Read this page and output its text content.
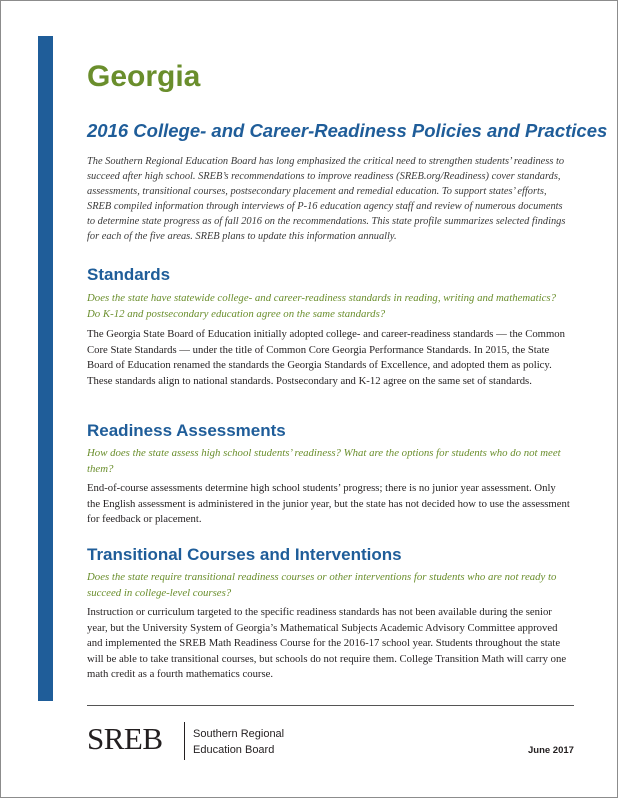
Georgia
2016 College- and Career-Readiness Policies and Practices

The Southern Regional Education Board has long emphasized the critical need to strengthen students’ readiness to succeed after high school. SREB’s recommendations to improve readiness (SREB.org/Readiness) cover standards, assessments, transitional courses, postsecondary placement and remedial education. To support states’ efforts, SREB compiled information through interviews of P-16 education agency staff and review of numerous documents to determine state progress as of fall 2016 on the recommendations. This state profile summarizes selected findings for each of the five areas. SREB plans to update this information annually.

Standards

Does the state have statewide college- and career-readiness standards in reading, writing and mathematics? Do K-12 and postsecondary education agree on the same standards?

The Georgia State Board of Education initially adopted college- and career-readiness standards — the Common Core State Standards — under the title of Common Core Georgia Performance Standards. In 2015, the State Board of Education renamed the standards the Georgia Standards of Excellence, and adopted them as policy. These standards align to national standards. Postsecondary and K-12 agree on the same set of standards.

Readiness Assessments

How does the state assess high school students’ readiness? What are the options for students who do not meet them?

End-of-course assessments determine high school students’ progress; there is no junior year assessment. Only the English assessment is administered in the junior year, but the state has not decided how to use the assessment for feedback or placement.

Transitional Courses and Interventions

Does the state require transitional readiness courses or other interventions for students who are not ready to succeed in college-level courses?

Instruction or curriculum targeted to the specific readiness standards has not been available during the senior year, but the University System of Georgia’s Mathematical Subjects Academic Advisory Committee approved and implemented the SREB Math Readiness Course for the 2016-17 school year. Students throughout the state will be able to take transitional courses, but schools do not require them. College Transition Math will carry one math credit as a fourth mathematics course.

SREB	Southern Regional
Education Board	June 2017
